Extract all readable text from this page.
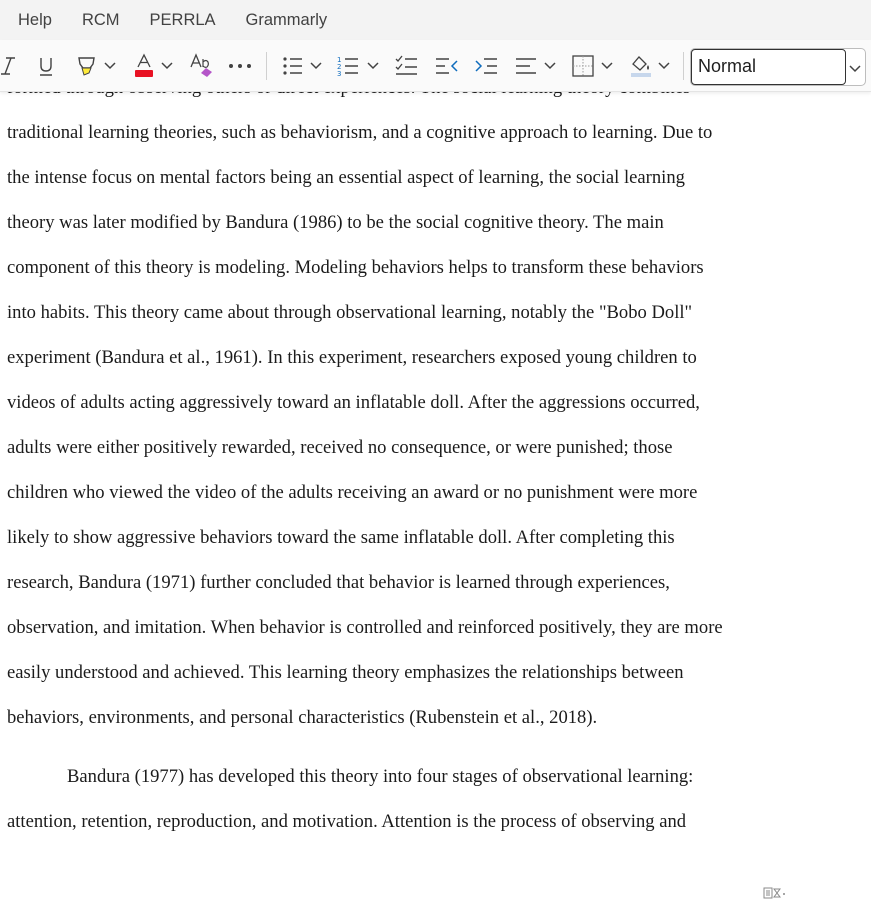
traditional learning theories, such as behaviorism, and a cognitive approach to learning. Due to
the intense focus on mental factors being an essential aspect of learning, the social learning
theory was later modified by Bandura (1986) to be the social cognitive theory. The main
component of this theory is modeling. Modeling behaviors helps to transform these behaviors
into habits. This theory came about through observational learning, notably the "Bobo Doll"
experiment (Bandura et al., 1961). In this experiment, researchers exposed young children to
videos of adults acting aggressively toward an inflatable doll. After the aggressions occurred,
adults were either positively rewarded, received no consequence, or were punished; those
children who viewed the video of the adults receiving an award or no punishment were more
likely to show aggressive behaviors toward the same inflatable doll. After completing this
research, Bandura (1971) further concluded that behavior is learned through experiences,
observation, and imitation. When behavior is controlled and reinforced positively, they are more
easily understood and achieved. This learning theory emphasizes the relationships between
behaviors, environments, and personal characteristics (Rubenstein et al., 2018).
Bandura (1977) has developed this theory into four stages of observational learning:
attention, retention, reproduction, and motivation. Attention is the process of observing and
Help	RCM	PERRLA	Grammarly
1
2
3	Normal
